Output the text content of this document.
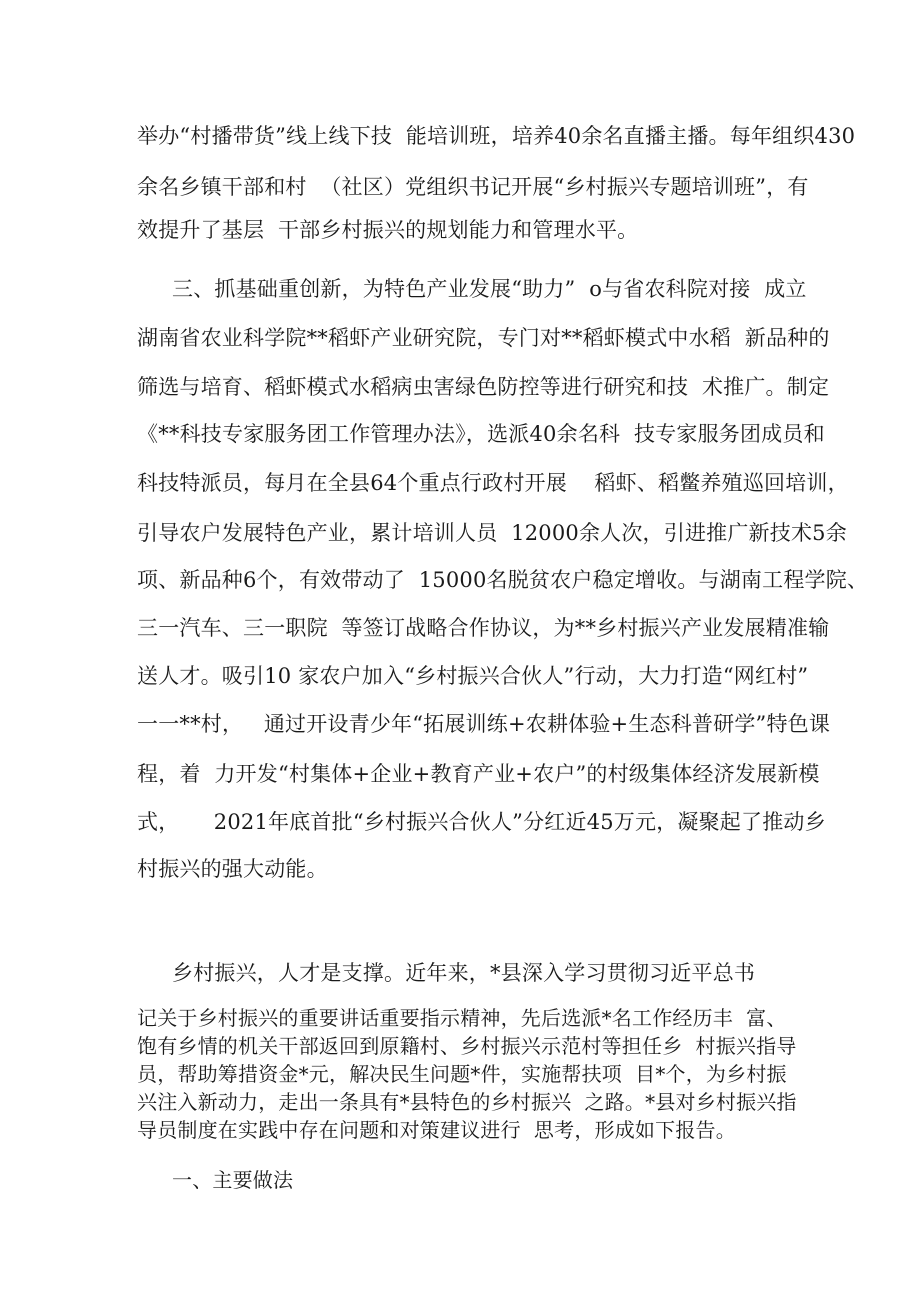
举办“村播带货”线上线下技  能培训班，培养40余名直播主播。每年组织430
余名乡镇干部和村  （社区）党组织书记开展“乡村振兴专题培训班”，有
效提升了基层  干部乡村振兴的规划能力和管理水平。
三、抓基础重创新，为特色产业发展“助力”  o与省农科院对接  成立
湖南省农业科学院**稻虾产业研究院，专门对**稻虾模式中水稻  新品种的
筛选与培育、稻虾模式水稻病虫害绿色防控等进行研究和技  术推广。制定
《**科技专家服务团工作管理办法》，选派40余名科  技专家服务团成员和
科技特派员，每月在全县64个重点行政村开展    稻虾、稻鳖养殖巡回培训，
引导农户发展特色产业，累计培训人员  12000余人次，引进推广新技术5余
项、新品种6个，有效带动了  15000名脱贫农户稳定增收。与湖南工程学院、
三一汽车、三一职院  等签订战略合作协议，为**乡村振兴产业发展精准输
送人才。吸引10 家农户加入“乡村振兴合伙人”行动，大力打造“网红村”
一一**村，   通过开设青少年“拓展训练+农耕体验+生态科普研学”特色课
程，着  力开发“村集体+企业+教育产业+农户”的村级集体经济发展新模
式，     2021年底首批“乡村振兴合伙人”分红近45万元，凝聚起了推动乡
村振兴的强大动能。
乡村振兴，人才是支撑。近年来，*县深入学习贯彻习近平总书
记关于乡村振兴的重要讲话重要指示精神，先后选派*名工作经历丰  富、
饱有乡情的机关干部返回到原籍村、乡村振兴示范村等担任乡  村振兴指导
员，帮助筹措资金*元，解决民生问题*件，实施帮扶项  目*个，为乡村振
兴注入新动力，走出一条具有*县特色的乡村振兴  之路。*县对乡村振兴指
导员制度在实践中存在问题和对策建议进行  思考，形成如下报告。
一、主要做法
